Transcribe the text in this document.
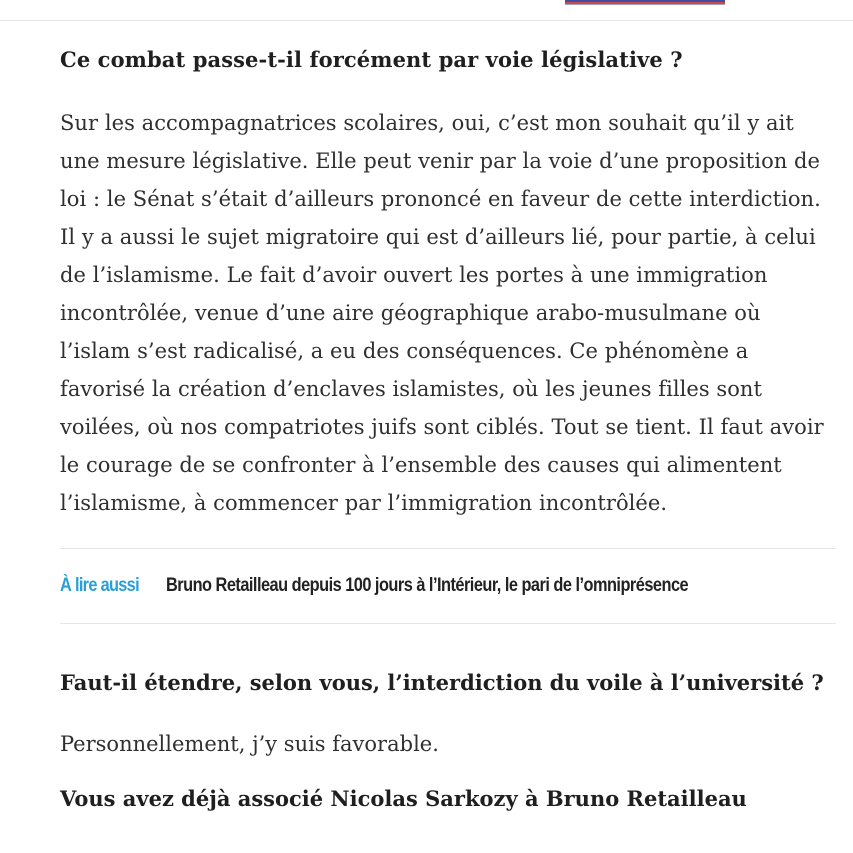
Ce combat passe-t-il forcément par voie législative ?

Sur les accompagnatrices scolaires, oui, c’est mon souhait qu’il y ait une mesure législative. Elle peut venir par la voie d’une proposition de loi : le Sénat s’était d’ailleurs prononcé en faveur de cette interdiction. Il y a aussi le sujet migratoire qui est d’ailleurs lié, pour partie, à celui de l’islamisme. Le fait d’avoir ouvert les portes à une immigration incontrôlée, venue d’une aire géographique arabo-musulmane où l’islam s’est radicalisé, a eu des conséquences. Ce phénomène a favorisé la création d’enclaves islamistes, où les jeunes filles sont voilées, où nos compatriotes juifs sont ciblés. Tout se tient. Il faut avoir le courage de se confronter à l’ensemble des causes qui alimentent l’islamisme, à commencer par l’immigration incontrôlée.

À lire aussi Bruno Retailleau depuis 100 jours à l’Intérieur, le pari de l’omniprésence
Faut-il étendre, selon vous, l’interdiction du voile à l’université ?

Personnellement, j’y suis favorable.

Vous avez déjà associé Nicolas Sarkozy à Bruno Retailleau
